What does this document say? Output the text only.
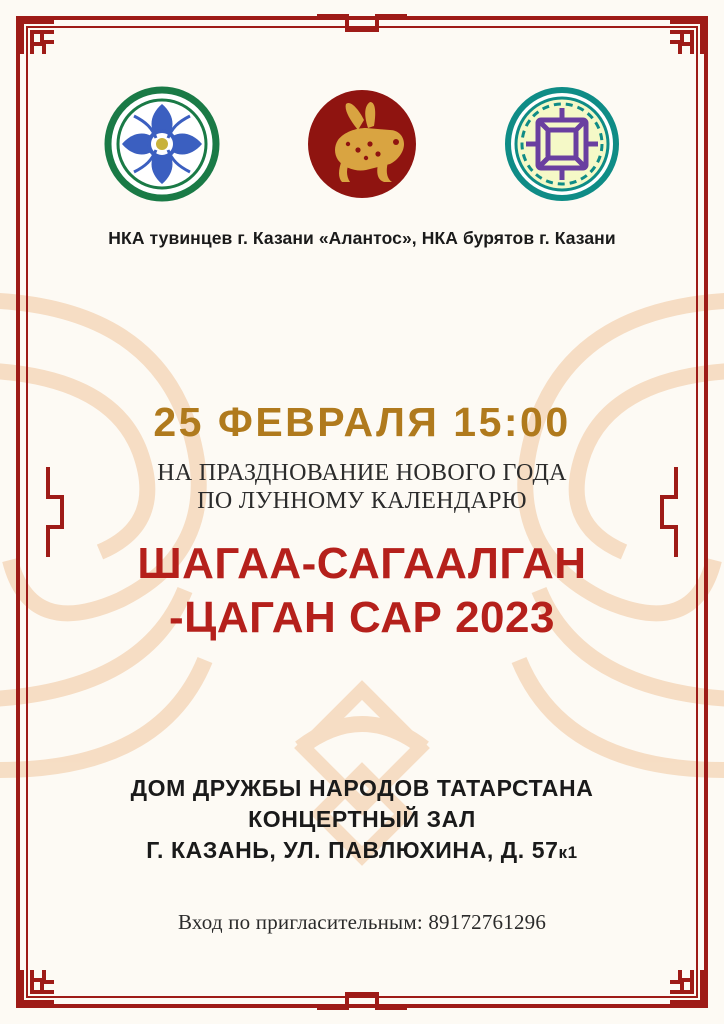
НКА тувинцев г. Казани «Алантос», НКА бурятов г. Казани
25 ФЕВРАЛЯ 15:00
НА ПРАЗДНОВАНИЕ НОВОГО ГОДА
ПО ЛУННОМУ КАЛЕНДАРЮ
ШАГАА-САГААЛГАН
-ЦАГАН САР 2023
ДОМ ДРУЖБЫ НАРОДОВ ТАТАРСТАНА
КОНЦЕРТНЫЙ ЗАЛ
Г. КАЗАНЬ, УЛ. ПАВЛЮХИНА, Д. 57к1
Вход по пригласительным: 89172761296
